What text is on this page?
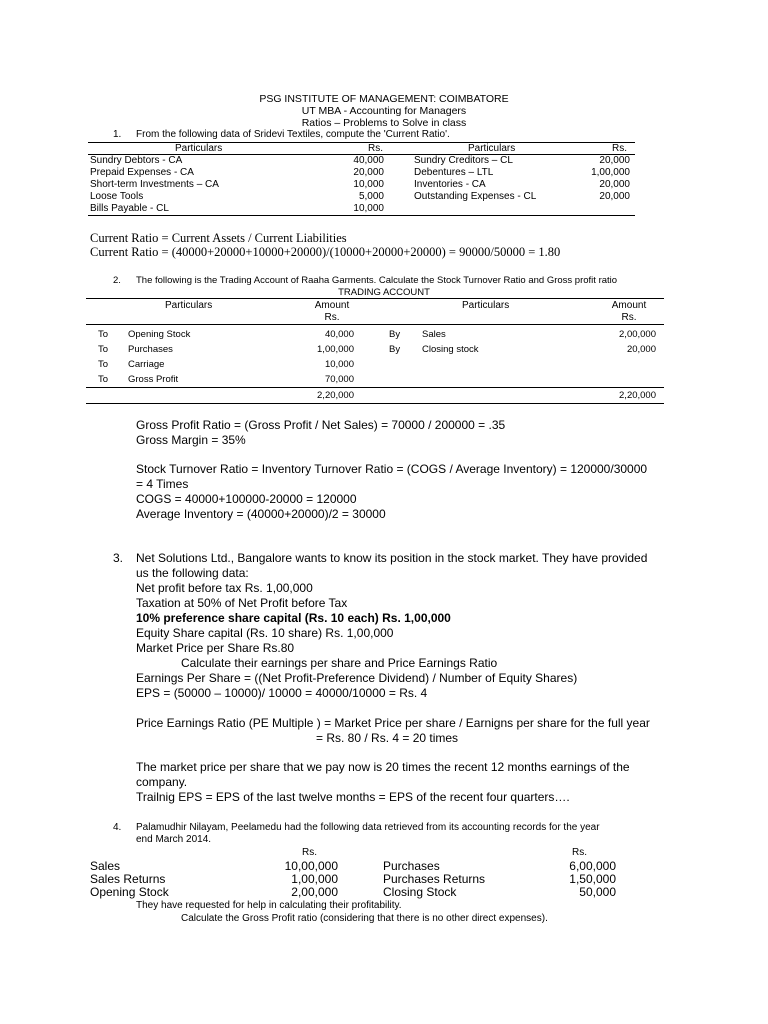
PSG INSTITUTE OF MANAGEMENT: COIMBATORE
UT MBA - Accounting for Managers
Ratios – Problems to Solve in class
1. From the following data of Sridevi Textiles, compute the 'Current Ratio'.
Particulars	Rs.	Particulars	Rs.
Sundry Debtors - CA	40,000	Sundry Creditors – CL	20,000
Prepaid Expenses - CA	20,000	Debentures – LTL	1,00,000
Short-term Investments – CA	10,000	Inventories - CA	20,000
Loose Tools	5,000	Outstanding Expenses - CL	20,000
Bills Payable - CL	10,000
Current Ratio = Current Assets / Current Liabilities
Current Ratio = (40000+20000+10000+20000)/(10000+20000+20000) = 90000/50000 = 1.80
2. The following is the Trading Account of Raaha Garments. Calculate the Stock Turnover Ratio and Gross profit ratio
TRADING ACCOUNT
Particulars	Amount	Particulars	Amount
Rs.	Rs.
To Opening Stock	40,000	By Sales	2,00,000
To Purchases	1,00,000	By Closing stock	20,000
To Carriage	10,000
To Gross Profit	70,000
2,20,000	2,20,000
Gross Profit Ratio = (Gross Profit / Net Sales) = 70000 / 200000 = .35
Gross Margin = 35%
Stock Turnover Ratio = Inventory Turnover Ratio = (COGS / Average Inventory) = 120000/30000
= 4 Times
COGS = 40000+100000-20000 = 120000
Average Inventory = (40000+20000)/2 = 30000
3. Net Solutions Ltd., Bangalore wants to know its position in the stock market. They have provided
us the following data:
Net profit before tax Rs. 1,00,000
Taxation at 50% of Net Profit before Tax
10% preference share capital (Rs. 10 each) Rs. 1,00,000
Equity Share capital (Rs. 10 share) Rs. 1,00,000
Market Price per Share Rs.80
Calculate their earnings per share and Price Earnings Ratio
Earnings Per Share = ((Net Profit-Preference Dividend) / Number of Equity Shares)
EPS = (50000 – 10000)/ 10000 = 40000/10000 = Rs. 4
Price Earnings Ratio (PE Multiple ) = Market Price per share / Earnigns per share for the full year
= Rs. 80 / Rs. 4 = 20 times
The market price per share that we pay now is 20 times the recent 12 months earnings of the
company.
Trailnig EPS = EPS of the last twelve months = EPS of the recent four quarters….
4. Palamudhir Nilayam, Peelamedu had the following data retrieved from its accounting records for the year
end March 2014.
Rs.	Rs.
Sales	10,00,000	Purchases	6,00,000
Sales Returns	1,00,000	Purchases Returns	1,50,000
Opening Stock	2,00,000	Closing Stock	50,000
They have requested for help in calculating their profitability.
Calculate the Gross Profit ratio (considering that there is no other direct expenses).
